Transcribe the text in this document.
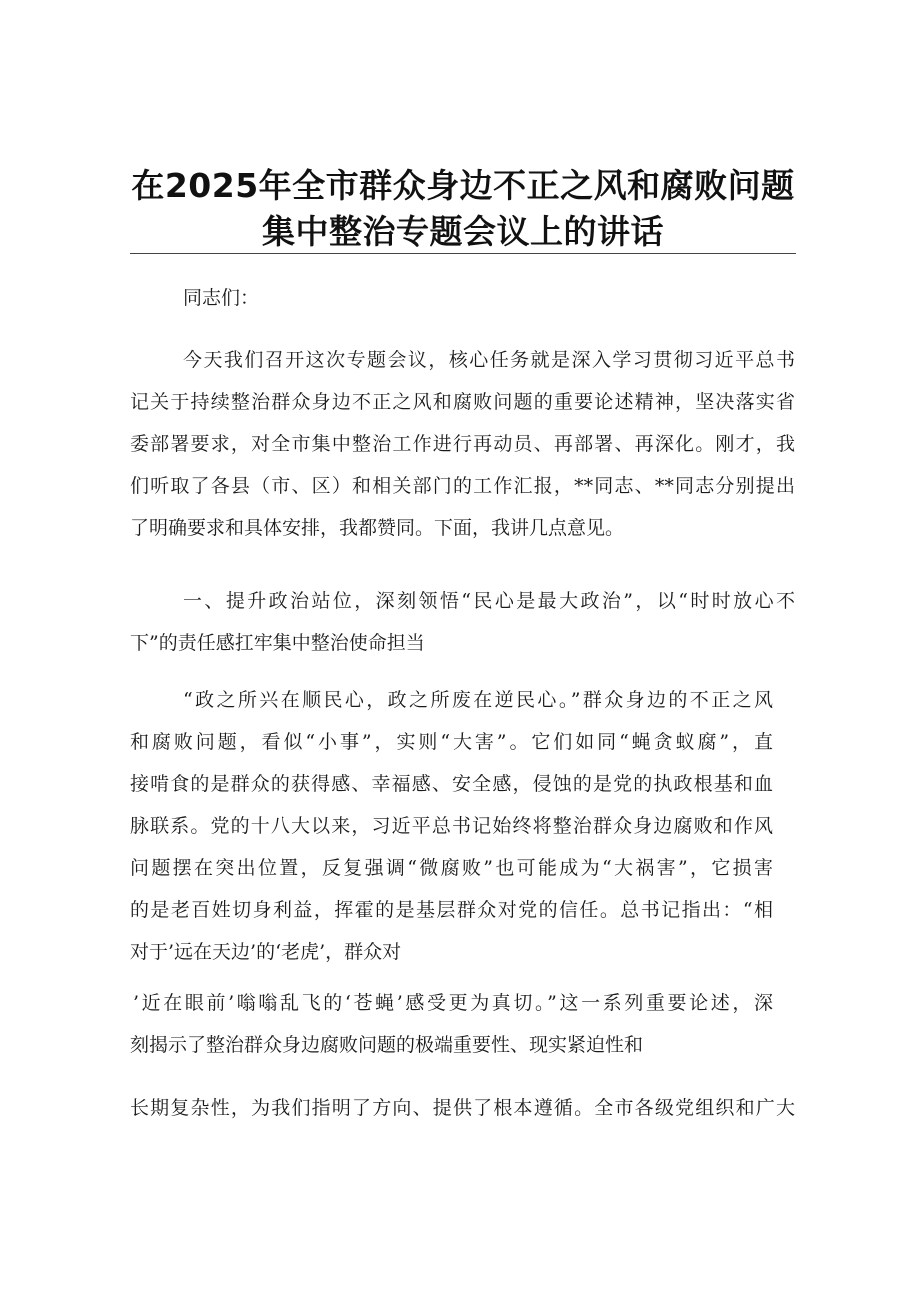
在2025年全市群众身边不正之风和腐败问题
集中整治专题会议上的讲话
同志们：
今天我们召开这次专题会议，核心任务就是深入学习贯彻习近平总书
记关于持续整治群众身边不正之风和腐败问题的重要论述精神，坚决落实省
委部署要求，对全市集中整治工作进行再动员、再部署、再深化。刚才，我
们听取了各县（市、区）和相关部门的工作汇报，**同志、**同志分别提出
了明确要求和具体安排，我都赞同。下面，我讲几点意见。
一、提升政治站位，深刻领悟“民心是最大政治”，以“时时放心不
下”的责任感扛牢集中整治使命担当
“政之所兴在顺民心，政之所废在逆民心。”群众身边的不正之风
和腐败问题，看似“小事”，实则“大害”。它们如同“蝇贪蚁腐”，直
接啃食的是群众的获得感、幸福感、安全感，侵蚀的是党的执政根基和血
脉联系。党的十八大以来，习近平总书记始终将整治群众身边腐败和作风
问题摆在突出位置，反复强调“微腐败”也可能成为“大祸害”，它损害
的是老百姓切身利益，挥霍的是基层群众对党的信任。总书记指出：“相
对于’远在天边’的‘老虎’，群众对
’近在眼前’嗡嗡乱飞的‘苍蝇’感受更为真切。”这一系列重要论述，深
刻揭示了整治群众身边腐败问题的极端重要性、现实紧迫性和
长期复杂性，为我们指明了方向、提供了根本遵循。全市各级党组织和广大
